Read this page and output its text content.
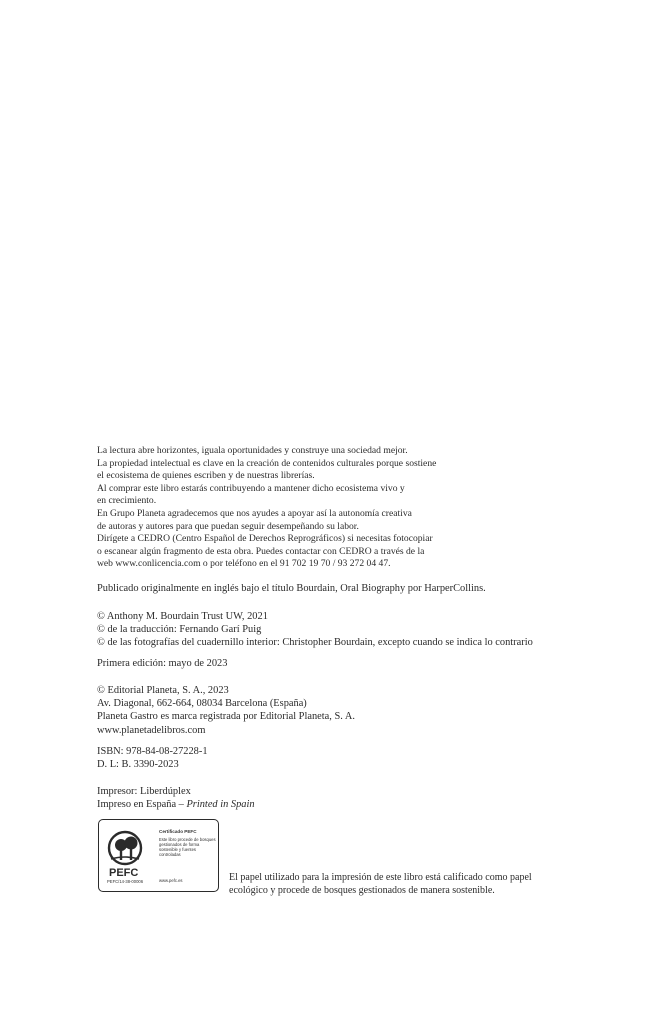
La lectura abre horizontes, iguala oportunidades y construye una sociedad mejor.
La propiedad intelectual es clave en la creación de contenidos culturales porque sostiene
el ecosistema de quienes escriben y de nuestras librerías.
Al comprar este libro estarás contribuyendo a mantener dicho ecosistema vivo y
en crecimiento.
En Grupo Planeta agradecemos que nos ayudes a apoyar así la autonomía creativa
de autoras y autores para que puedan seguir desempeñando su labor.
Dirígete a CEDRO (Centro Español de Derechos Reprográficos) si necesitas fotocopiar
o escanear algún fragmento de esta obra. Puedes contactar con CEDRO a través de la
web www.conlicencia.com o por teléfono en el 91 702 19 70 / 93 272 04 47.
Publicado originalmente en inglés bajo el título Bourdain, Oral Biography por HarperCollins.
© Anthony M. Bourdain Trust UW, 2021
© de la traducción: Fernando Garí Puig
© de las fotografías del cuadernillo interior: Christopher Bourdain, excepto cuando se indica lo contrario
Primera edición: mayo de 2023
© Editorial Planeta, S. A., 2023
Av. Diagonal, 662-664, 08034 Barcelona (España)
Planeta Gastro es marca registrada por Editorial Planeta, S. A.
www.planetadelibros.com
ISBN: 978-84-08-27228-1
D. L: B. 3390-2023
Impresor: Liberdúplex
Impreso en España – Printed in Spain
PEFC
PEFC/14-38-00006
Certificado PEFC
Este libro procede de bosques gestionados de forma sostenible y fuentes controladas
www.pefc.es	El papel utilizado para la impresión de este libro está calificado como papel
ecológico y procede de bosques gestionados de manera sostenible.
